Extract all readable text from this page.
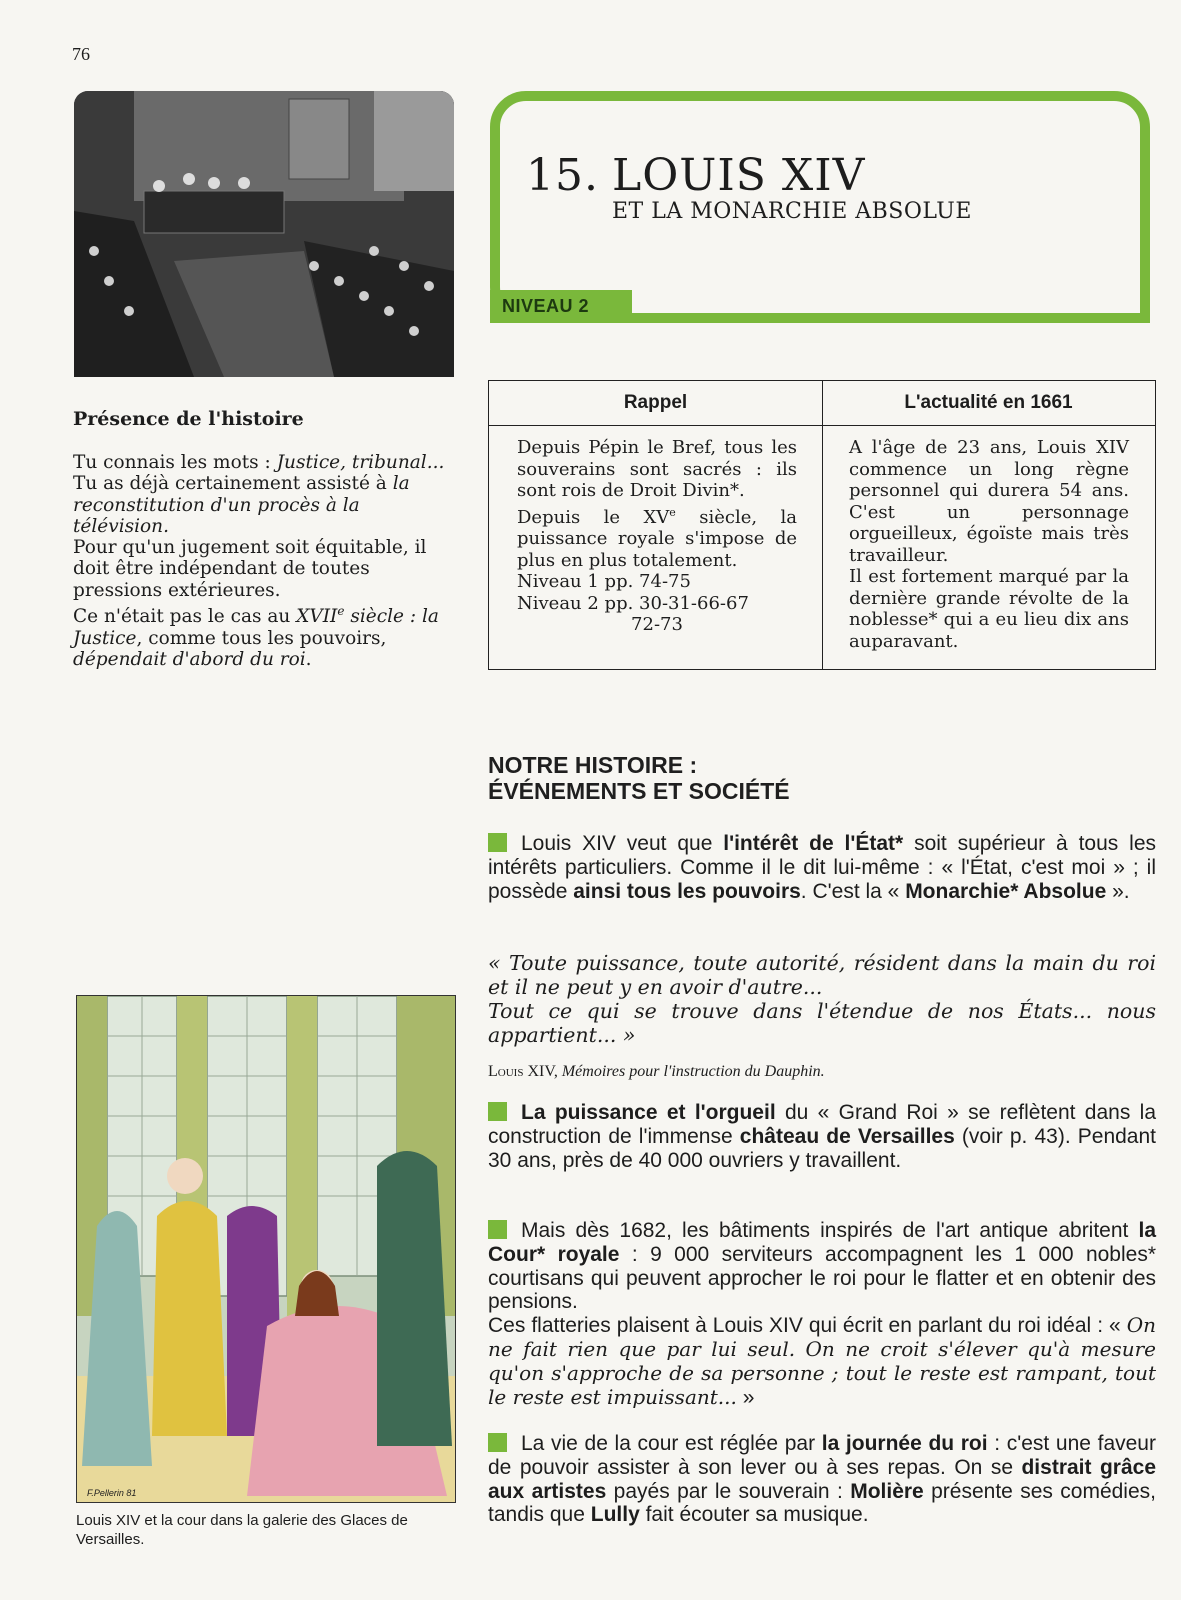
76
Présence de l'histoire

Tu connais les mots : Justice, tribunal...

Tu as déjà certainement assisté à la reconstitution d'un procès à la télévision.

Pour qu'un jugement soit équitable, il doit être indépendant de toutes pressions extérieures.

Ce n'était pas le cas au XVIIe siècle : la Justice, comme tous les pouvoirs, dépendait d'abord du roi.

F.Pellerin 81
Louis XIV et la cour dans la galerie des Glaces de Versailles.
15. LOUIS XIV
ET LA MONARCHIE ABSOLUE
NIVEAU 2
Rappel	L'actualité en 1661

Depuis Pépin le Bref, tous les souverains sont sacrés : ils sont rois de Droit Divin*.

Depuis le XVe siècle, la puissance royale s'impose de plus en plus totalement.

Niveau 1 pp. 74-75

Niveau 2 pp. 30-31-66-67

72-73

A l'âge de 23 ans, Louis XIV commence un long règne personnel qui durera 54 ans. C'est un personnage orgueilleux, égoïste mais très travailleur.

Il est fortement marqué par la dernière grande révolte de la noblesse* qui a eu lieu dix ans auparavant.

NOTRE HISTOIRE :
ÉVÉNEMENTS ET SOCIÉTÉ

Louis XIV veut que l'intérêt de l'État* soit supérieur à tous les intérêts particuliers. Comme il le dit lui-même : « l'État, c'est moi » ; il possède ainsi tous les pouvoirs. C'est la « Monarchie* Absolue ».

« Toute puissance, toute autorité, résident dans la main du roi et il ne peut y en avoir d'autre...

Tout ce qui se trouve dans l'étendue de nos États... nous appartient... »

Louis XIV, Mémoires pour l'instruction du Dauphin.

La puissance et l'orgueil du « Grand Roi » se reflètent dans la construction de l'immense château de Versailles (voir p. 43). Pendant 30 ans, près de 40 000 ouvriers y travaillent.

Mais dès 1682, les bâtiments inspirés de l'art antique abritent la Cour* royale : 9 000 serviteurs accompagnent les 1 000 nobles* courtisans qui peuvent approcher le roi pour le flatter et en obtenir des pensions.

Ces flatteries plaisent à Louis XIV qui écrit en parlant du roi idéal : « On ne fait rien que par lui seul. On ne croit s'élever qu'à mesure qu'on s'approche de sa personne ; tout le reste est rampant, tout le reste est impuissant... »

La vie de la cour est réglée par la journée du roi : c'est une faveur de pouvoir assister à son lever ou à ses repas. On se distrait grâce aux artistes payés par le souverain : Molière présente ses comédies, tandis que Lully fait écouter sa musique.
